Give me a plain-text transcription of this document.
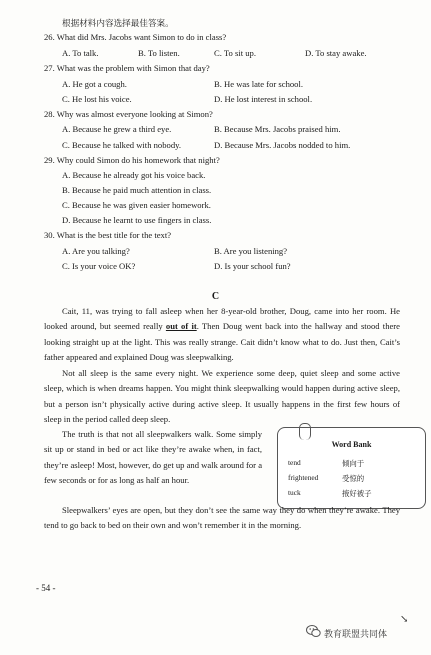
根据材料内容选择最佳答案。
26. What did Mrs. Jacobs want Simon to do in class?
A. To talk.	B. To listen.	C. To sit up.	D. To stay awake.
27. What was the problem with Simon that day?
A. He got a cough.	B. He was late for school.
C. He lost his voice.	D. He lost interest in school.
28. Why was almost everyone looking at Simon?
A. Because he grew a third eye.	B. Because Mrs. Jacobs praised him.
C. Because he talked with nobody.	D. Because Mrs. Jacobs nodded to him.
29. Why could Simon do his homework that night?
A. Because he already got his voice back.
B. Because he paid much attention in class.
C. Because he was given easier homework.
D. Because he learnt to use fingers in class.
30. What is the best title for the text?
A. Are you talking?	B. Are you listening?
C. Is your voice OK?	D. Is your school fun?
C
Cait, 11, was trying to fall asleep when her 8-year-old brother, Doug, came into her room. He looked around, but seemed really out of it. Then Doug went back into the hallway and stood there looking straight up at the light. This was really strange. Cait didn’t know what to do. Just then, Cait’s father appeared and explained Doug was sleepwalking.
Not all sleep is the same every night. We experience some deep, quiet sleep and some active sleep, which is when dreams happen. You might think sleepwalking would happen during active sleep, but a person isn’t physically active during active sleep. It usually happens in the first few hours of sleep in the period called deep sleep.
The truth is that not all sleepwalkers walk. Some simply sit up or stand in bed or act like they’re awake when, in fact, they’re asleep! Most, however, do get up and walk around for a few seconds or for as long as half an hour.
Word Bank
tend	倾向于
frightened	受惊的
tuck	掖好被子
Sleepwalkers’ eyes are open, but they don’t see the same way they do when they’re awake. They tend to go back to bed on their own and won’t remember it in the morning.
- 54 -
↘
教育联盟共同体
